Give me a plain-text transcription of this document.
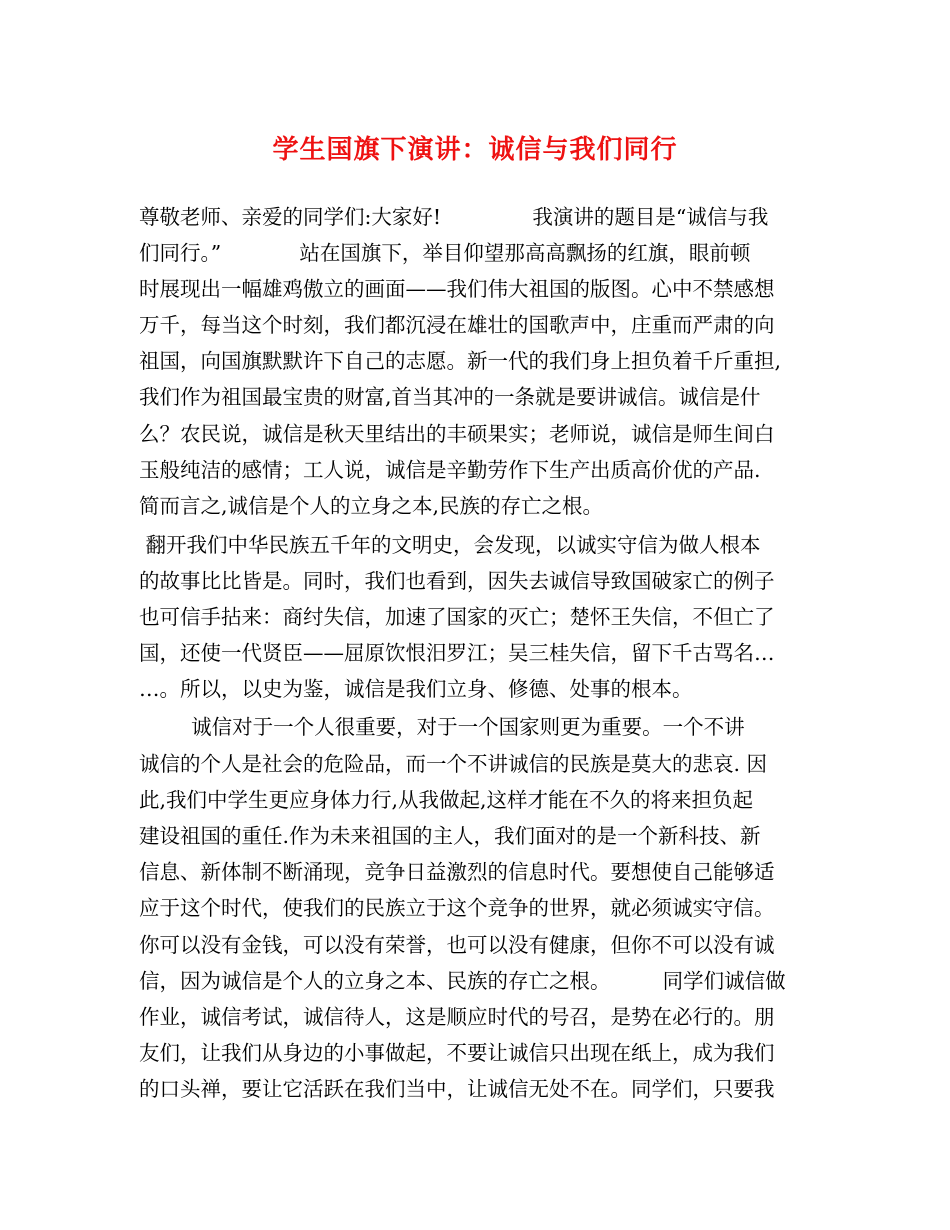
学生国旗下演讲：诚信与我们同行

尊敬老师、亲爱的同学们:大家好!              我演讲的题目是“诚信与我

们同行。”            站在国旗下，举目仰望那高高飘扬的红旗，眼前顿

时展现出一幅雄鸡傲立的画面——我们伟大祖国的版图。心中不禁感想

万千，每当这个时刻，我们都沉浸在雄壮的国歌声中，庄重而严肃的向

祖国，向国旗默默许下自己的志愿。新一代的我们身上担负着千斤重担,

我们作为祖国最宝贵的财富,首当其冲的一条就是要讲诚信。诚信是什

么？农民说，诚信是秋天里结出的丰硕果实；老师说，诚信是师生间白

玉般纯洁的感情；工人说，诚信是辛勤劳作下生产出质高价优的产品.

简而言之,诚信是个人的立身之本,民族的存亡之根。

翻开我们中华民族五千年的文明史，会发现，以诚实守信为做人根本

的故事比比皆是。同时，我们也看到，因失去诚信导致国破家亡的例子

也可信手拈来：商纣失信，加速了国家的灭亡；楚怀王失信，不但亡了

国，还使一代贤臣——屈原饮恨汨罗江；吴三桂失信，留下千古骂名…

…。所以，以史为鉴，诚信是我们立身、修德、处事的根本。

诚信对于一个人很重要，对于一个国家则更为重要。一个不讲

诚信的个人是社会的危险品，而一个不讲诚信的民族是莫大的悲哀. 因

此,我们中学生更应身体力行,从我做起,这样才能在不久的将来担负起

建设祖国的重任.作为未来祖国的主人，我们面对的是一个新科技、新

信息、新体制不断涌现，竞争日益激烈的信息时代。要想使自己能够适

应于这个时代，使我们的民族立于这个竞争的世界，就必须诚实守信。

你可以没有金钱，可以没有荣誉，也可以没有健康，但你不可以没有诚

信，因为诚信是个人的立身之本、民族的存亡之根。        同学们诚信做

作业，诚信考试，诚信待人，这是顺应时代的号召，是势在必行的。朋

友们，让我们从身边的小事做起，不要让诚信只出现在纸上，成为我们

的口头禅，要让它活跃在我们当中，让诚信无处不在。同学们，只要我
